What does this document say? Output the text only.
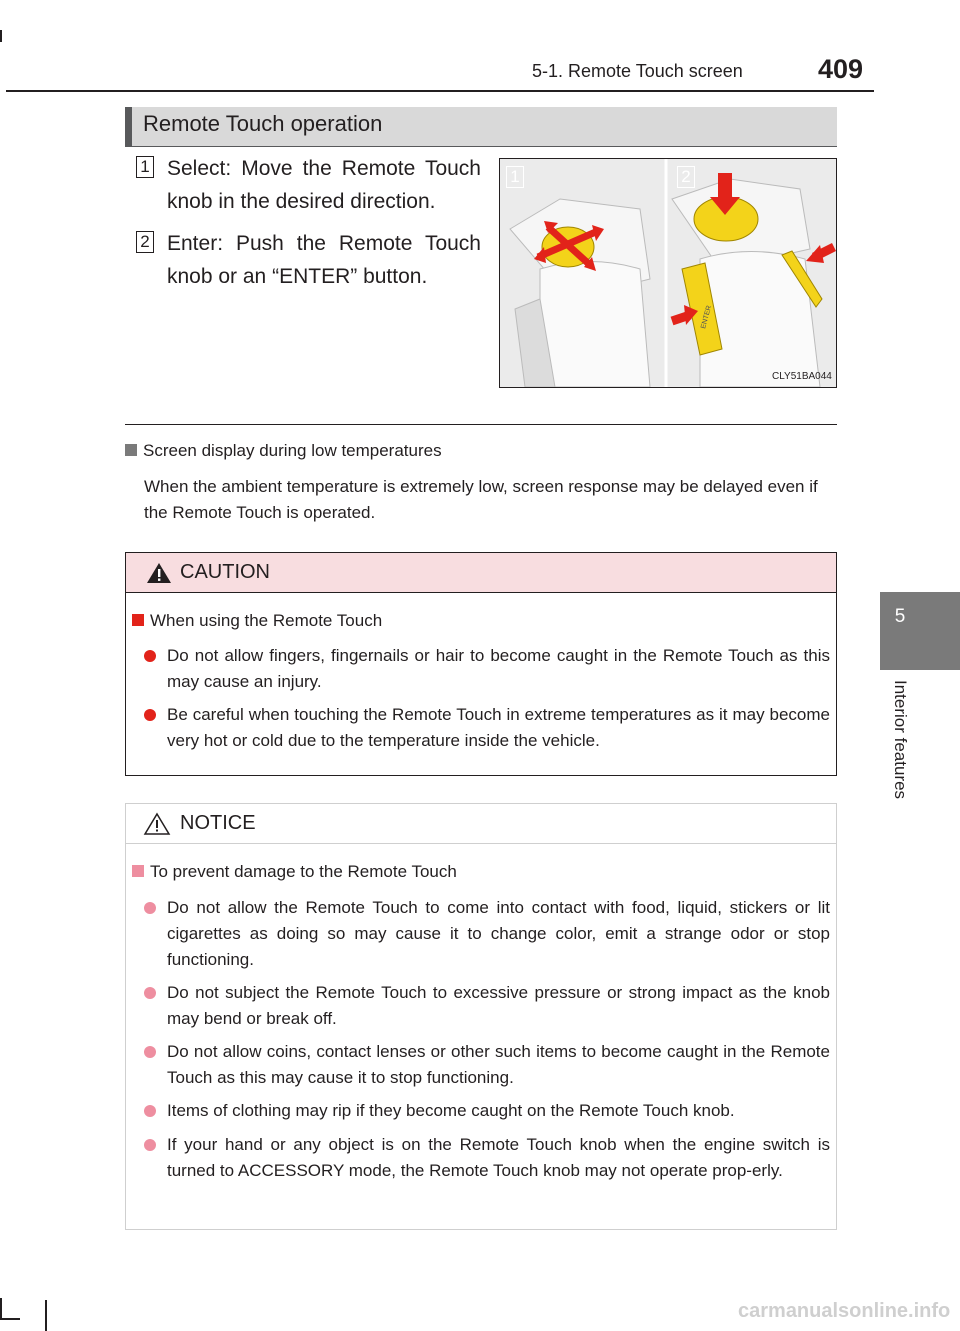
5-1. Remote Touch screen	409
5
Interior features
Remote Touch operation
1 Select: Move the Remote Touch knob in the desired direction.
2 Enter: Push the Remote Touch knob or an “ENTER” button.
ENTER
1	2
CLY51BA044
Screen display during low temperatures
When the ambient temperature is extremely low, screen response may be delayed even if the Remote Touch is operated.
CAUTION
When using the Remote Touch
Do not allow fingers, fingernails or hair to become caught in the Remote Touch as this may cause an injury.
Be careful when touching the Remote Touch in extreme temperatures as it may become very hot or cold due to the temperature inside the vehicle.
NOTICE
To prevent damage to the Remote Touch
Do not allow the Remote Touch to come into contact with food, liquid, stickers or lit cigarettes as doing so may cause it to change color, emit a strange odor or stop functioning.
Do not subject the Remote Touch to excessive pressure or strong impact as the knob may bend or break off.
Do not allow coins, contact lenses or other such items to become caught in the Remote Touch as this may cause it to stop functioning.
Items of clothing may rip if they become caught on the Remote Touch knob.
If your hand or any object is on the Remote Touch knob when the engine switch is turned to ACCESSORY mode, the Remote Touch knob may not operate prop-erly.
carmanualsonline.info
